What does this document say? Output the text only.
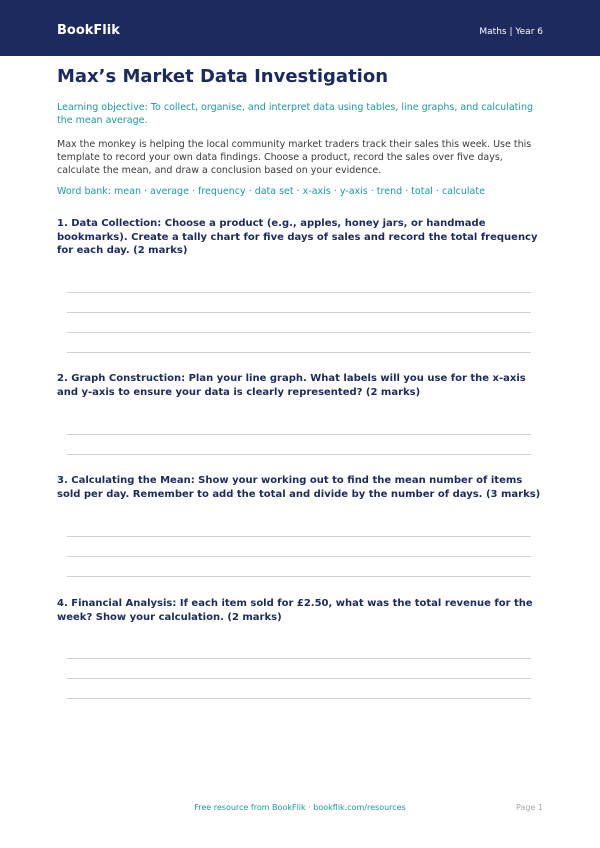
BookFlik	Maths | Year 6
Max’s Market Data Investigation

Learning objective: To collect, organise, and interpret data using tables, line graphs, and calculating the mean average.

Max the monkey is helping the local community market traders track their sales this week. Use this template to record your own data findings. Choose a product, record the sales over five days, calculate the mean, and draw a conclusion based on your evidence.

Word bank: mean · average · frequency · data set · x-axis · y-axis · trend · total · calculate

1. Data Collection: Choose a product (e.g., apples, honey jars, or handmade bookmarks). Create a tally chart for five days of sales and record the total frequency for each day. (2 marks)

2. Graph Construction: Plan your line graph. What labels will you use for the x-axis and y-axis to ensure your data is clearly represented? (2 marks)

3. Calculating the Mean: Show your working out to find the mean number of items sold per day. Remember to add the total and divide by the number of days. (3 marks)

4. Financial Analysis: If each item sold for £2.50, what was the total revenue for the week? Show your calculation. (2 marks)

Free resource from BookFlik · bookflik.com/resources	Page 1
